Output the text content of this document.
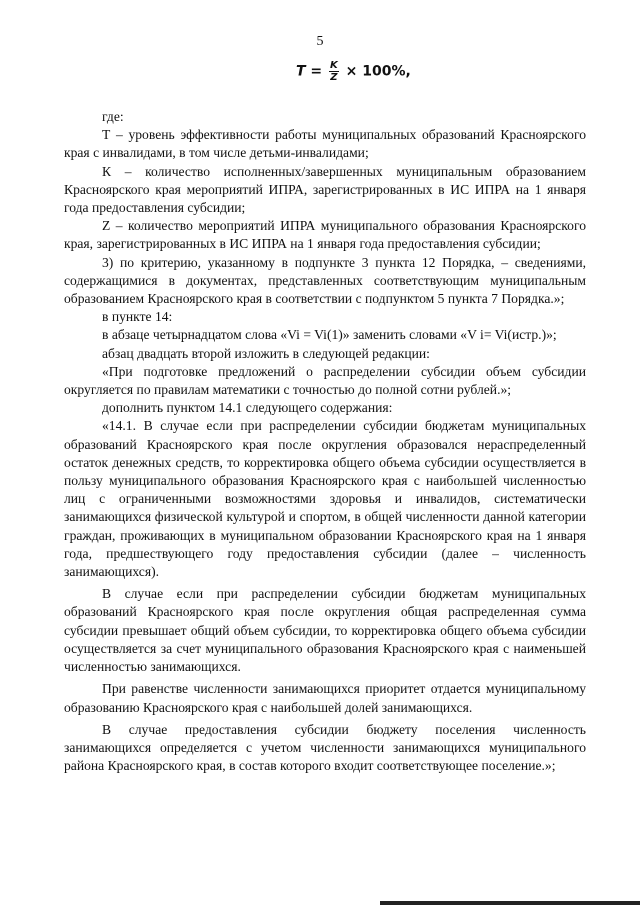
5
$T = \frac{K}{Z} \times 100\%$,

где:

Т – уровень эффективности работы муниципальных образований Красноярского края с инвалидами, в том числе детьми-инвалидами;

К – количество исполненных/завершенных муниципальным образованием Красноярского края мероприятий ИПРА, зарегистрированных в ИС ИПРА на 1 января года предоставления субсидии;

Z – количество мероприятий ИПРА муниципального образования Красноярского края, зарегистрированных в ИС ИПРА на 1 января года предоставления субсидии;

3) по критерию, указанному в подпункте 3 пункта 12 Порядка, – сведениями, содержащимися в документах, представленных соответствующим муниципальным образованием Красноярского края в соответствии с подпунктом 5 пункта 7 Порядка.»;

в пункте 14:

в абзаце четырнадцатом слова «Vi = Vi(1)» заменить словами «V i= Vi(истр.)»;

абзац двадцать второй изложить в следующей редакции:

«При подготовке предложений о распределении субсидии объем субсидии округляется по правилам математики с точностью до полной сотни рублей.»;

дополнить пунктом 14.1 следующего содержания:

«14.1. В случае если при распределении субсидии бюджетам муниципальных образований Красноярского края после округления образовался нераспределенный остаток денежных средств, то корректировка общего объема субсидии осуществляется в пользу муниципального образования Красноярского края с наибольшей численностью лиц с ограниченными возможностями здоровья и инвалидов, систематически занимающихся физической культурой и спортом, в общей численности данной категории граждан, проживающих в муниципальном образовании Красноярского края на 1 января года, предшествующего году предоставления субсидии (далее – численность занимающихся).

В случае если при распределении субсидии бюджетам муниципальных образований Красноярского края после округления общая распределенная сумма субсидии превышает общий объем субсидии, то корректировка общего объема субсидии осуществляется за счет муниципального образования Красноярского края с наименьшей численностью занимающихся.

При равенстве численности занимающихся приоритет отдается муниципальному образованию Красноярского края с наибольшей долей занимающихся.

В случае предоставления субсидии бюджету поселения численность занимающихся определяется с учетом численности занимающихся муниципального района Красноярского края, в состав которого входит соответствующее поселение.»;
